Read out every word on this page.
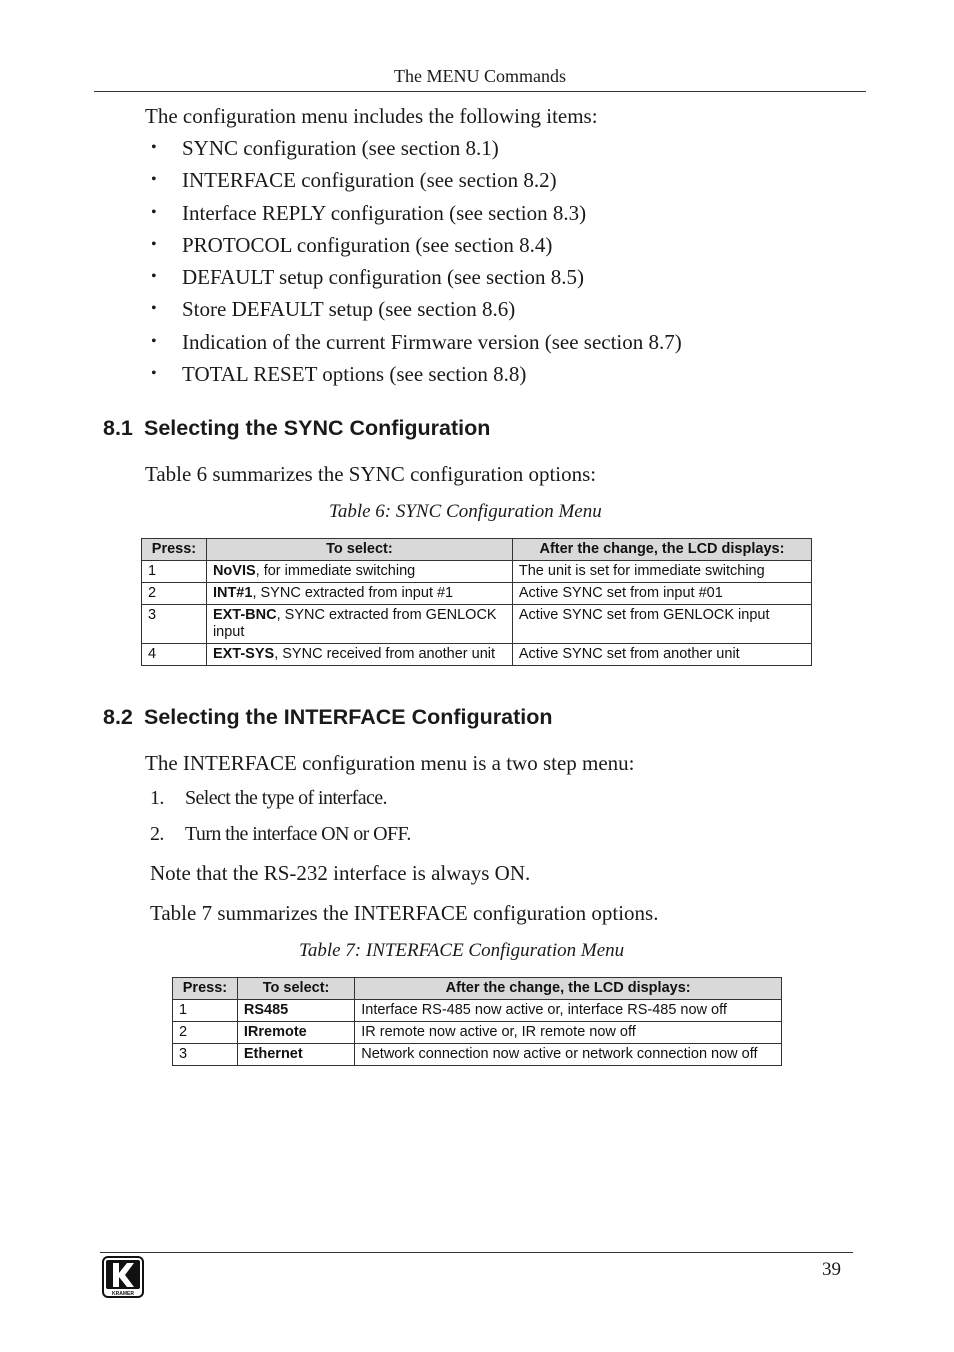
The MENU Commands
The configuration menu includes the following items:
• SYNC configuration (see section 8.1)
• INTERFACE configuration (see section 8.2)
• Interface REPLY configuration (see section 8.3)
• PROTOCOL configuration (see section 8.4)
• DEFAULT setup configuration (see section 8.5)
• Store DEFAULT setup (see section 8.6)
• Indication of the current Firmware version (see section 8.7)
• TOTAL RESET options (see section 8.8)
8.1 Selecting the SYNC Configuration
Table 6 summarizes the SYNC configuration options:
Table 6: SYNC Configuration Menu
Press:	To select:	After the change, the LCD displays:
1	NoVIS, for immediate switching	The unit is set for immediate switching
2	INT#1, SYNC extracted from input #1	Active SYNC set from input #01
3	EXT-BNC, SYNC extracted from GENLOCK input	Active SYNC set from GENLOCK input
4	EXT-SYS, SYNC received from another unit	Active SYNC set from another unit
8.2 Selecting the INTERFACE Configuration
The INTERFACE configuration menu is a two step menu:
1. Select the type of interface.
2. Turn the interface ON or OFF.
Note that the RS-232 interface is always ON.
Table 7 summarizes the INTERFACE configuration options.
Table 7: INTERFACE Configuration Menu
Press:	To select:	After the change, the LCD displays:
1	RS485	Interface RS-485 now active or, interface RS-485 now off
2	IRremote	IR remote now active or, IR remote now off
3	Ethernet	Network connection now active or network connection now off
KRAMER
39
